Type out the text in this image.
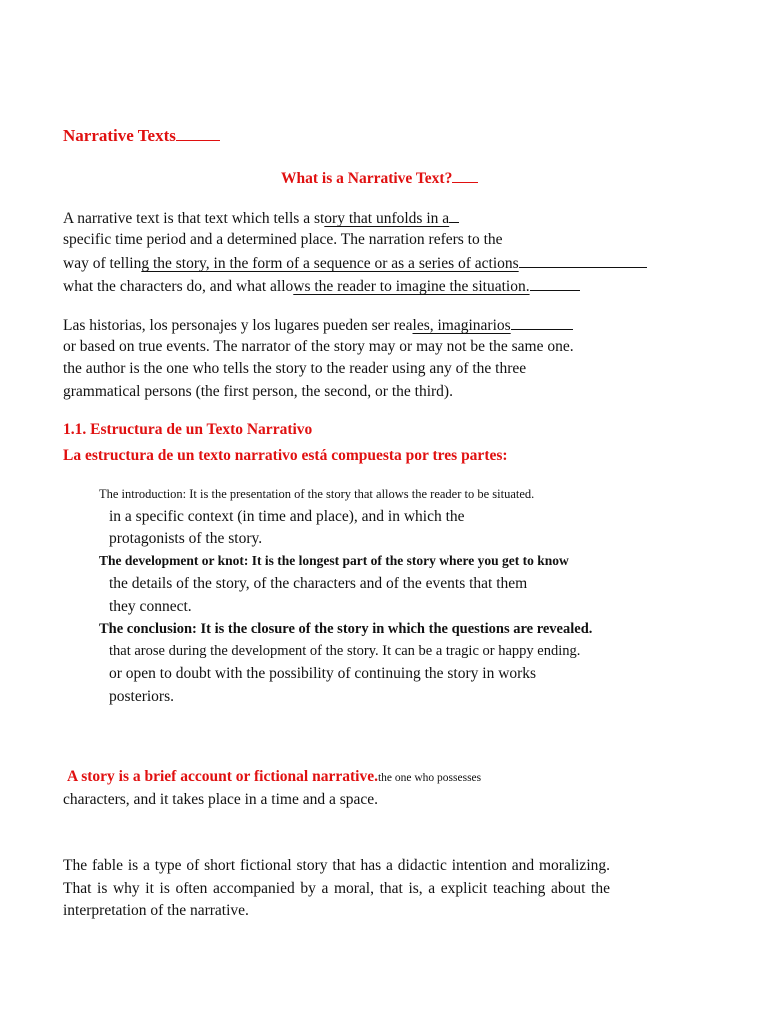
Narrative Texts
What is a Narrative Text?
A narrative text is that text which tells a story that unfolds in a
specific time period and a determined place. The narration refers to the
way of telling the story, in the form of a sequence or as a series of actions
what the characters do, and what allows the reader to imagine the situation.
Las historias, los personajes y los lugares pueden ser reales, imaginarios
or based on true events. The narrator of the story may or may not be the same one.
the author is the one who tells the story to the reader using any of the three
grammatical persons (the first person, the second, or the third).
1.1. Estructura de un Texto Narrativo
La estructura de un texto narrativo está compuesta por tres partes:
The introduction: It is the presentation of the story that allows the reader to be situated.
in a specific context (in time and place), and in which the
protagonists of the story.
The development or knot: It is the longest part of the story where you get to know
the details of the story, of the characters and of the events that them
they connect.
The conclusion: It is the closure of the story in which the questions are revealed.
that arose during the development of the story. It can be a tragic or happy ending.
or open to doubt with the possibility of continuing the story in works
posteriors.
A story is a brief account or fictional narrative.the one who possesses
characters, and it takes place in a time and a space.
The fable is a type of short fictional story that has a didactic intention and moralizing. That is why it is often accompanied by a moral, that is, a explicit teaching about the interpretation of the narrative.
